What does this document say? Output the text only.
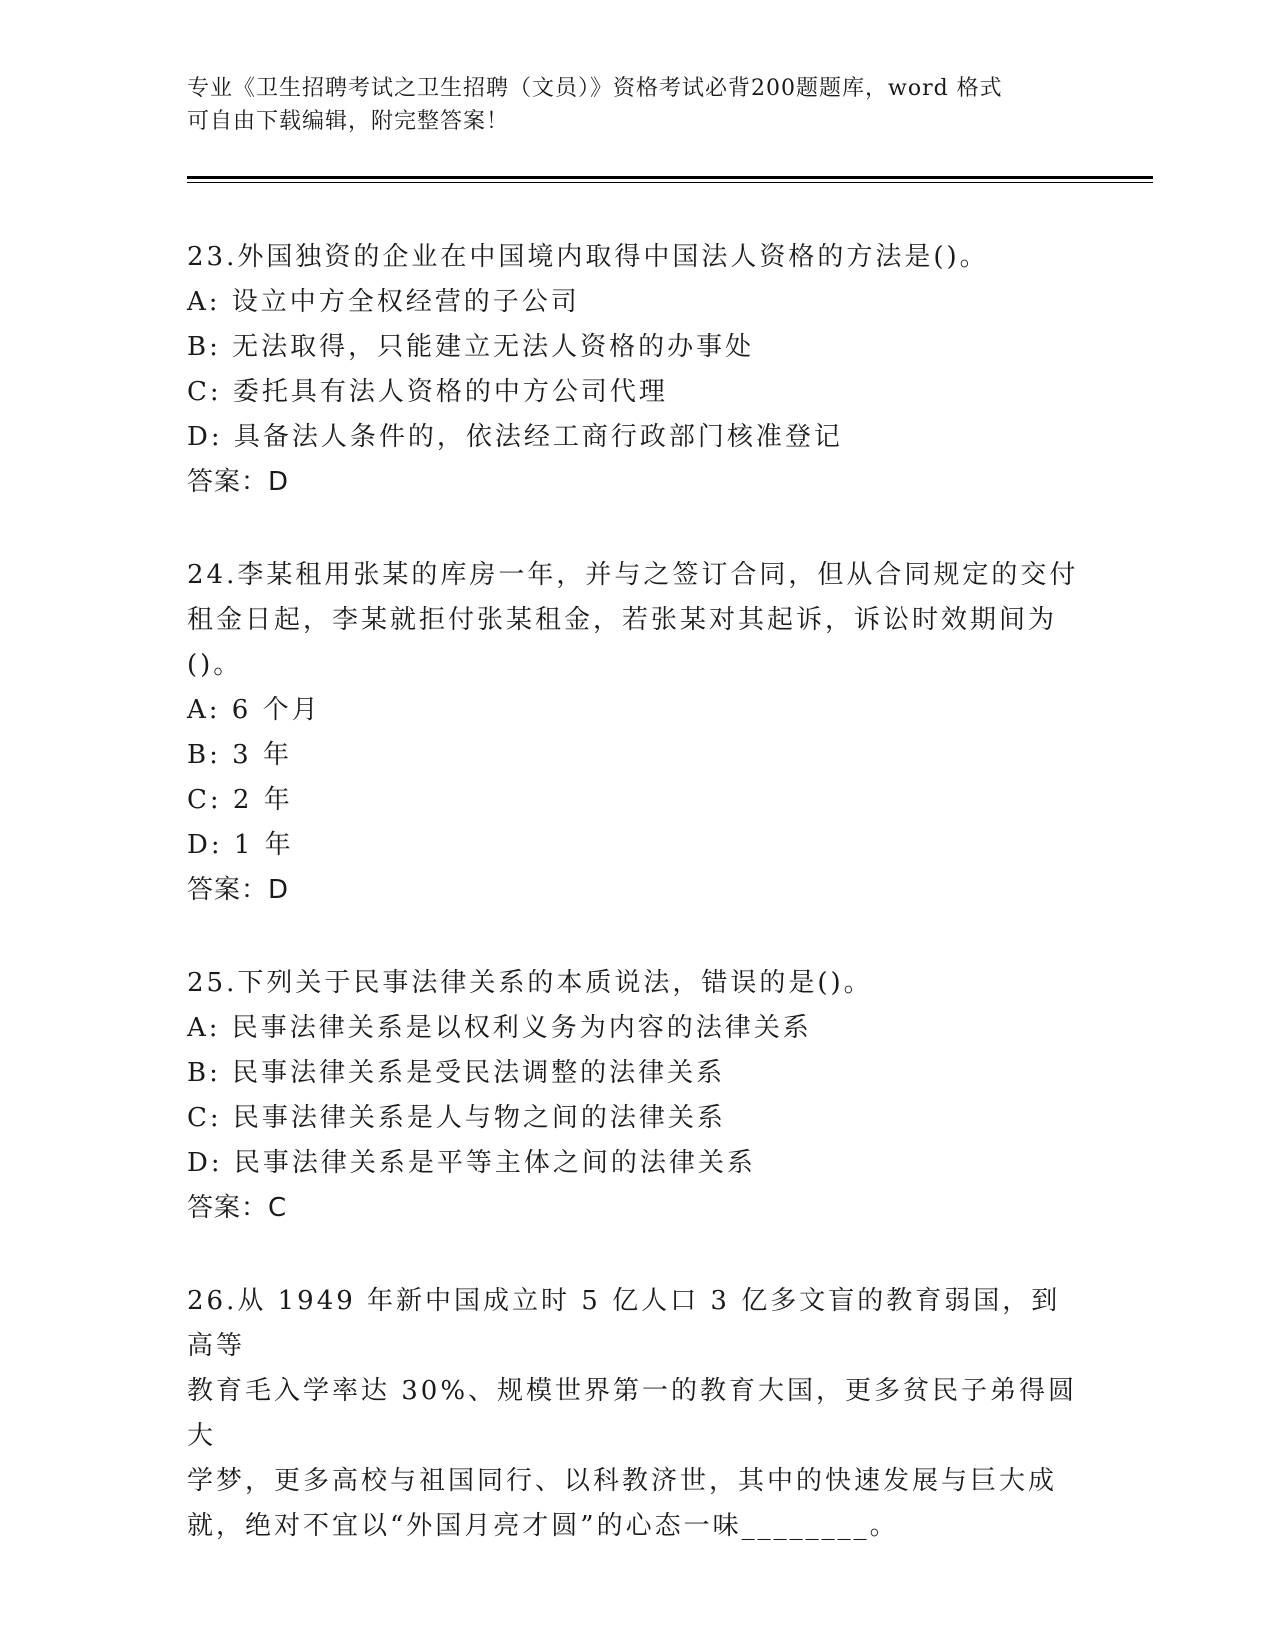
专业《卫生招聘考试之卫生招聘（文员）》资格考试必背200题题库，word 格式
可自由下载编辑，附完整答案！
23.外国独资的企业在中国境内取得中国法人资格的方法是()。
A: 设立中方全权经营的子公司
B: 无法取得，只能建立无法人资格的办事处
C: 委托具有法人资格的中方公司代理
D: 具备法人条件的，依法经工商行政部门核准登记
答案：D
24.李某租用张某的库房一年，并与之签订合同，但从合同规定的交付
租金日起，李某就拒付张某租金，若张某对其起诉，诉讼时效期间为
()。
A: 6 个月
B: 3 年
C: 2 年
D: 1 年
答案：D
25.下列关于民事法律关系的本质说法，错误的是()。
A: 民事法律关系是以权利义务为内容的法律关系
B: 民事法律关系是受民法调整的法律关系
C: 民事法律关系是人与物之间的法律关系
D: 民事法律关系是平等主体之间的法律关系
答案：C
26.从 1949 年新中国成立时 5 亿人口 3 亿多文盲的教育弱国，到高等
教育毛入学率达 30%、规模世界第一的教育大国，更多贫民子弟得圆大
学梦，更多高校与祖国同行、以科教济世，其中的快速发展与巨大成
就，绝对不宜以“外国月亮才圆”的心态一味________。
